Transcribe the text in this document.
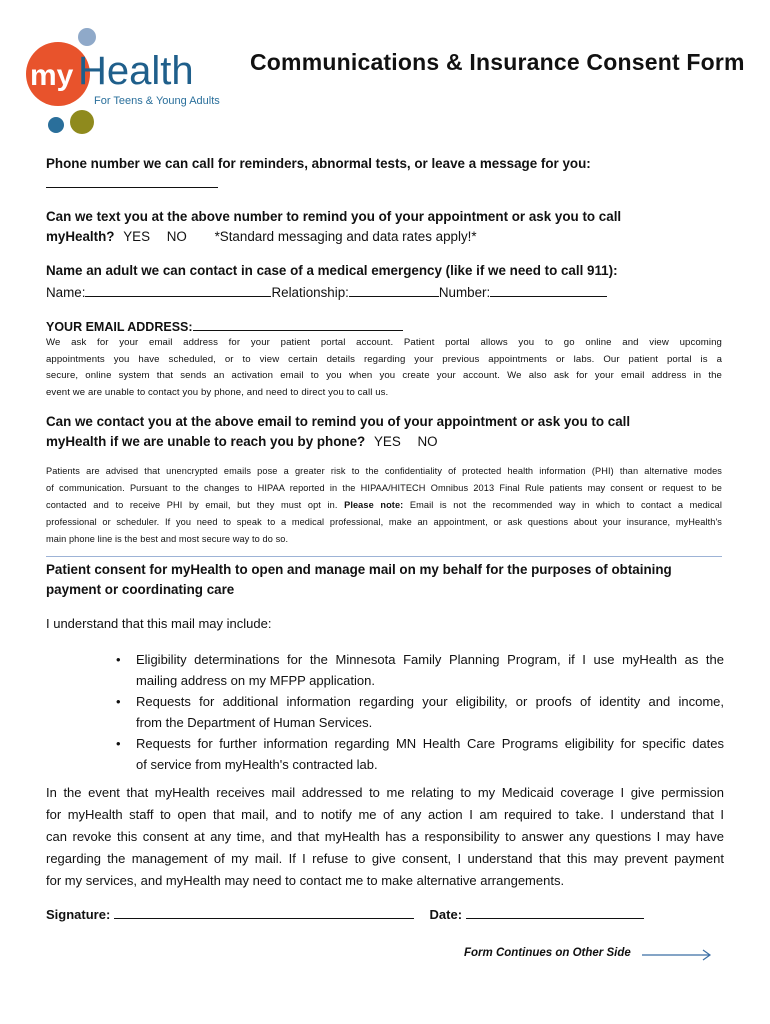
my Health
For Teens & Young Adults
Communications & Insurance Consent Form
Phone number we can call for reminders, abnormal tests, or leave a message for you:
Can we text you at the above number to remind you of your appointment or ask you to call
myHealth? YES NO *Standard messaging and data rates apply!*
Name an adult we can contact in case of a medical emergency (like if we need to call 911):
Name:	Relationship:	Number:
YOUR EMAIL ADDRESS:
We ask for your email address for your patient portal account. Patient portal allows you to go online and view upcoming
appointments you have scheduled, or to view certain details regarding your previous appointments or labs. Our patient portal is a
secure, online system that sends an activation email to you when you create your account. We also ask for your email address in the
event we are unable to contact you by phone, and need to direct you to call us.
Can we contact you at the above email to remind you of your appointment or ask you to call
myHealth if we are unable to reach you by phone? YES NO
Patients are advised that unencrypted emails pose a greater risk to the confidentiality of protected health information (PHI) than alternative modes
of communication. Pursuant to the changes to HIPAA reported in the HIPAA/HITECH Omnibus 2013 Final Rule patients may consent or request to be
contacted and to receive PHI by email, but they must opt in. Please note: Email is not the recommended way in which to contact a medical
professional or scheduler. If you need to speak to a medical professional, make an appointment, or ask questions about your insurance, myHealth's
main phone line is the best and most secure way to do so.
Patient consent for myHealth to open and manage mail on my behalf for the purposes of obtaining
payment or coordinating care
I understand that this mail may include:
• Eligibility determinations for the Minnesota Family Planning Program, if I use myHealth as the
mailing address on my MFPP application.
• Requests for additional information regarding your eligibility, or proofs of identity and income,
from the Department of Human Services.
• Requests for further information regarding MN Health Care Programs eligibility for specific dates
of service from myHealth's contracted lab.
In the event that myHealth receives mail addressed to me relating to my Medicaid coverage I give permission
for myHealth staff to open that mail, and to notify me of any action I am required to take. I understand that I
can revoke this consent at any time, and that myHealth has a responsibility to answer any questions I may have
regarding the management of my mail. If I refuse to give consent, I understand that this may prevent payment
for my services, and myHealth may need to contact me to make alternative arrangements.
Signature:	Date:
Form Continues on Other Side
